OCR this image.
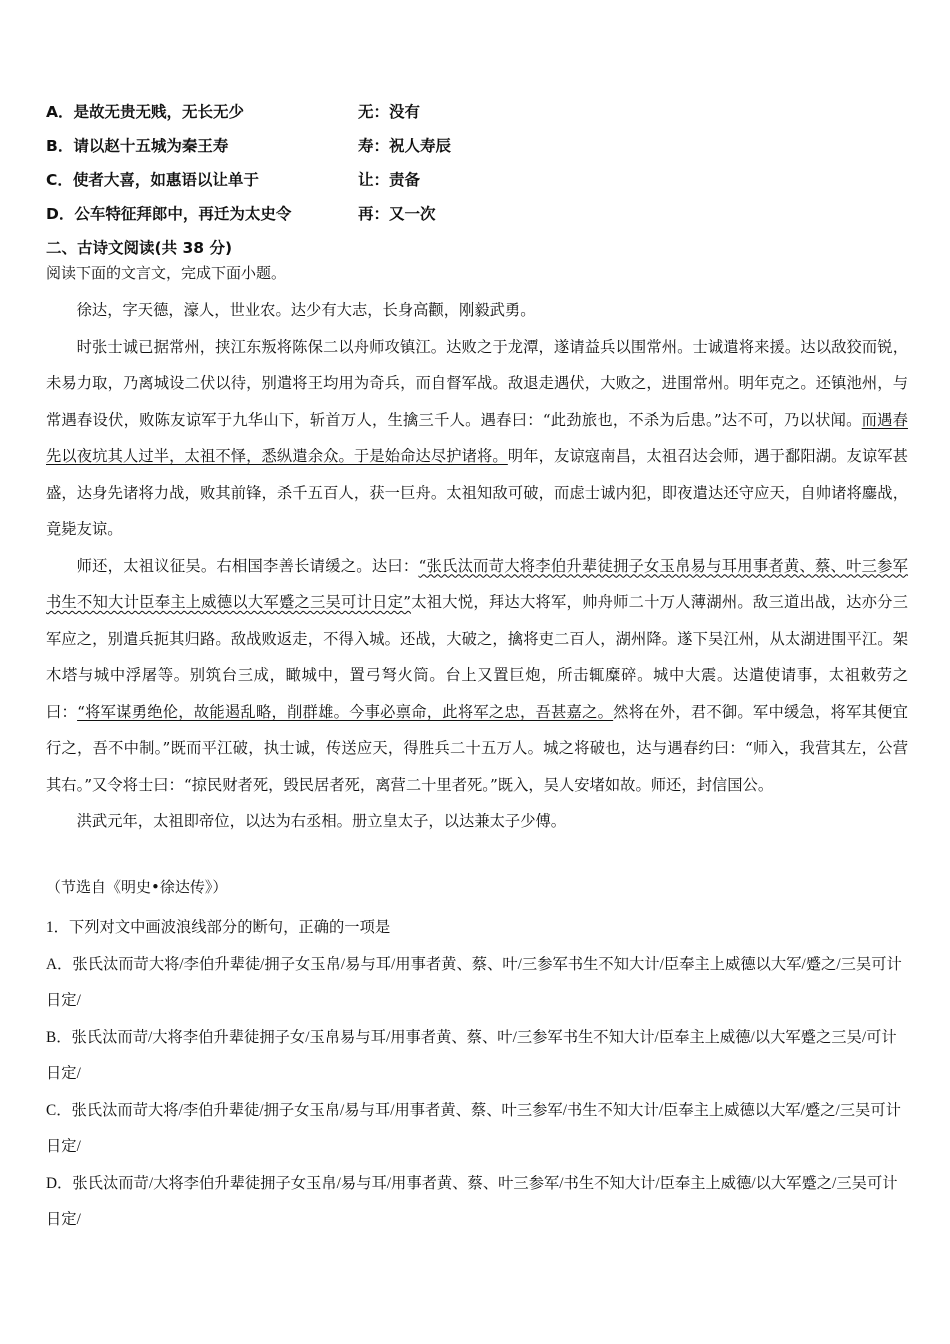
A．是故无贵无贱，无长无少	无：没有
B．请以赵十五城为秦王寿	寿：祝人寿辰
C．使者大喜，如惠语以让单于	让：责备
D．公车特征拜郎中，再迁为太史令	再：又一次
二、古诗文阅读(共 38 分)
阅读下面的文言文，完成下面小题。

徐达，字天德，濠人，世业农。达少有大志，长身高颧，刚毅武勇。

时张士诚已据常州，挟江东叛将陈保二以舟师攻镇江。达败之于龙潭，遂请益兵以围常州。士诚遣将来援。达以敌狡而锐，未易力取，乃离城设二伏以待，别遣将王均用为奇兵，而自督军战。敌退走遇伏，大败之，进围常州。明年克之。还镇池州，与常遇春设伏，败陈友谅军于九华山下，斩首万人，生擒三千人。遇春曰：“此劲旅也，不杀为后患。”达不可，乃以状闻。而遇春先以夜坑其人过半，太祖不怿，悉纵遣余众。于是始命达尽护诸将。明年，友谅寇南昌，太祖召达会师，遇于鄱阳湖。友谅军甚盛，达身先诸将力战，败其前锋，杀千五百人，获一巨舟。太祖知敌可破，而虑士诚内犯，即夜遣达还守应天，自帅诸将鏖战，竟毙友谅。

师还，太祖议征吴。右相国李善长请缓之。达曰：“张氏汰而苛大将李伯升辈徒拥子女玉帛易与耳用事者黄、蔡、叶三参军书生不知大计臣奉主上威德以大军蹙之三吴可计日定”太祖大悦，拜达大将军，帅舟师二十万人薄湖州。敌三道出战，达亦分三军应之，别遣兵扼其归路。敌战败返走，不得入城。还战，大破之，擒将吏二百人，湖州降。遂下吴江州，从太湖进围平江。架木塔与城中浮屠等。别筑台三成，瞰城中，置弓弩火筒。台上又置巨炮，所击辄糜碎。城中大震。达遣使请事，太祖敕劳之曰：“将军谋勇绝伦，故能遏乱略，削群雄。今事必禀命，此将军之忠，吾甚嘉之。然将在外，君不御。军中缓急，将军其便宜行之，吾不中制。”既而平江破，执士诚，传送应天，得胜兵二十五万人。城之将破也，达与遇春约曰：“师入，我营其左，公营其右。”又令将士曰：“掠民财者死，毁民居者死，离营二十里者死。”既入，吴人安堵如故。师还，封信国公。

洪武元年，太祖即帝位，以达为右丞相。册立皇太子，以达兼太子少傅。

（节选自《明史•徐达传》）

1．下列对文中画波浪线部分的断句，正确的一项是

A．张氏汰而苛大将/李伯升辈徒/拥子女玉帛/易与耳/用事者黄、蔡、叶/三参军书生不知大计/臣奉主上威德以大军/蹙之/三吴可计日定/

B．张氏汰而苛/大将李伯升辈徒拥子女/玉帛易与耳/用事者黄、蔡、叶/三参军书生不知大计/臣奉主上威德/以大军蹙之三吴/可计日定/

C．张氏汰而苛大将/李伯升辈徒/拥子女玉帛/易与耳/用事者黄、蔡、叶三参军/书生不知大计/臣奉主上威德以大军/蹙之/三吴可计日定/

D．张氏汰而苛/大将李伯升辈徒拥子女玉帛/易与耳/用事者黄、蔡、叶三参军/书生不知大计/臣奉主上威德/以大军蹙之/三吴可计日定/
